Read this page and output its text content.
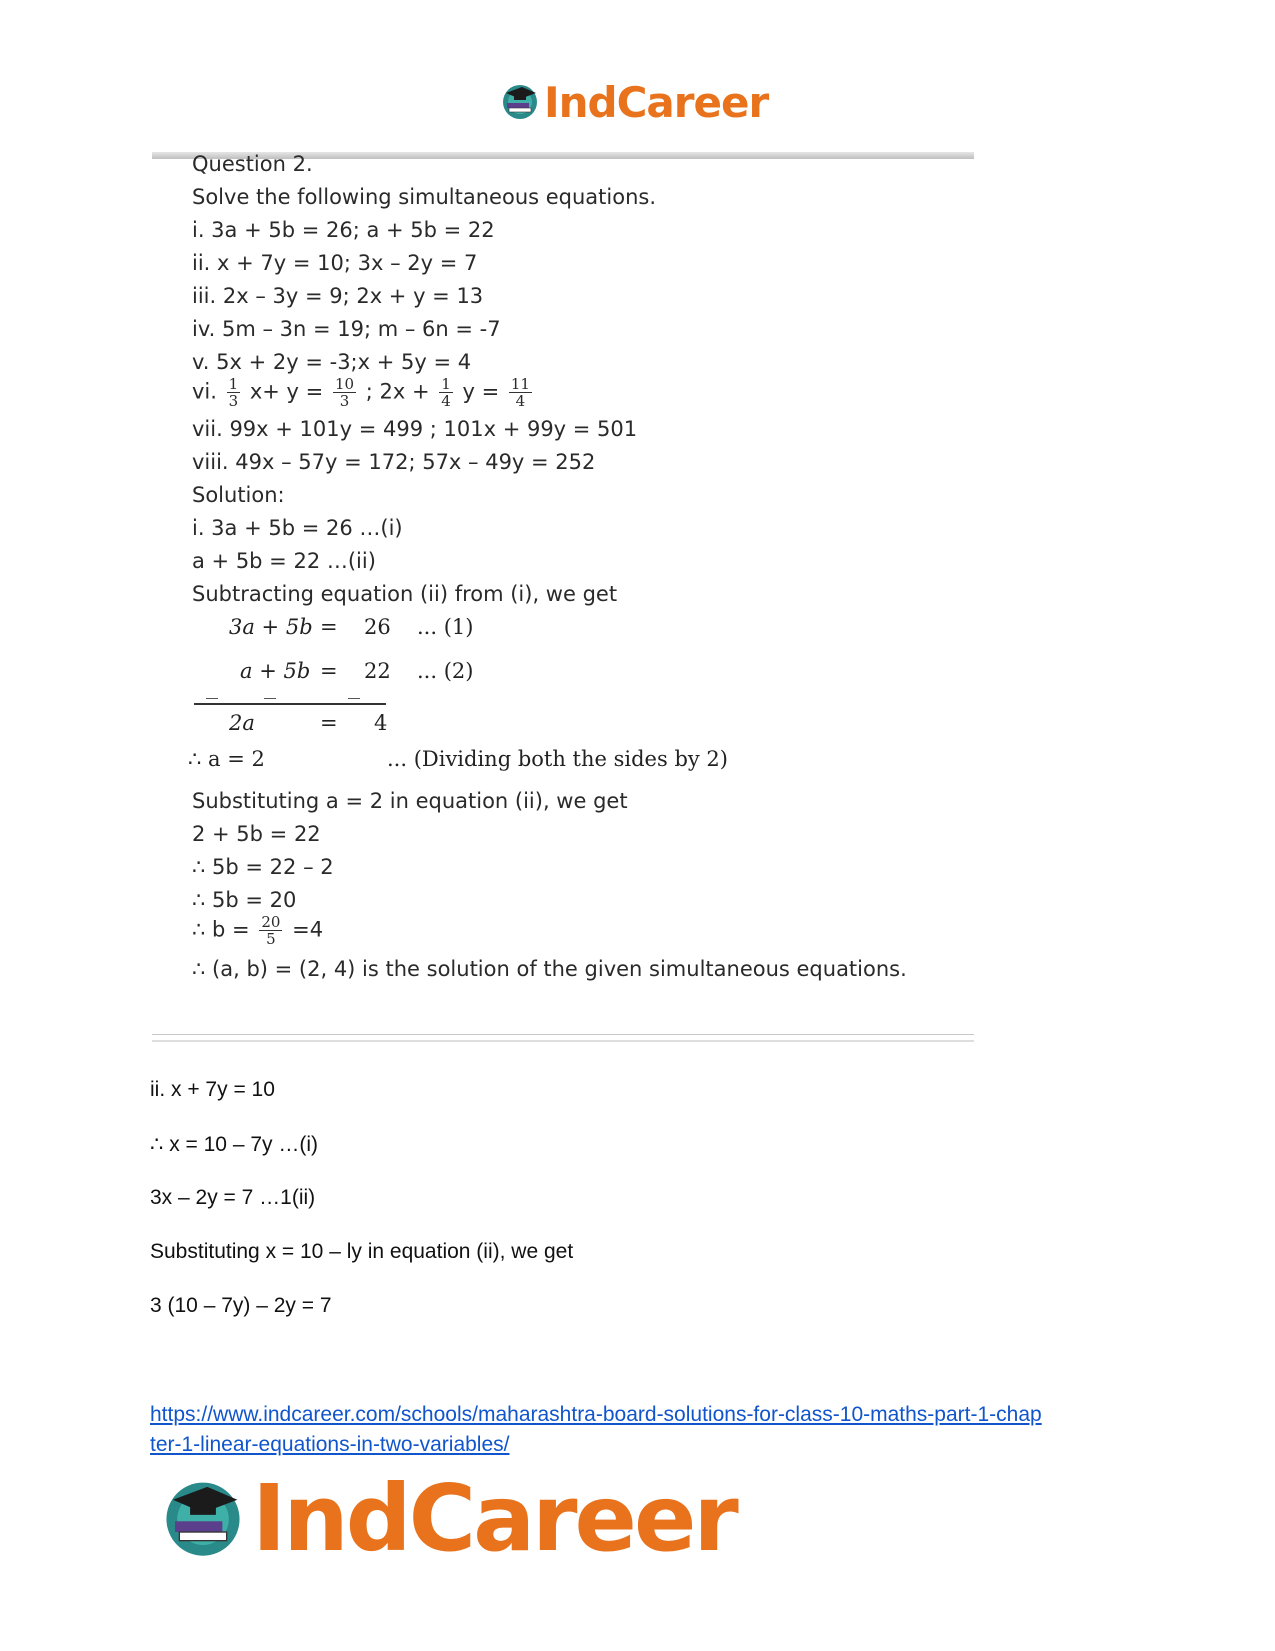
IndCareer
Question 2.
Solve the following simultaneous equations.
i. 3a + 5b = 26; a + 5b = 22
ii. x + 7y = 10; 3x – 2y = 7
iii. 2x – 3y = 9; 2x + y = 13
iv. 5m – 3n = 19; m – 6n = -7
v. 5x + 2y = -3;x + 5y = 4
vi. $\frac{1}{3} x+ y = \frac{10}{3}$ ; $2x + \frac{1}{4}$ $y = \frac{11}{4}$
vii. 99x + 101y = 499 ; 101x + 99y = 501
viii. 49x – 57y = 172; 57x – 49y = 252
Solution:
i. 3a + 5b = 26 …(i)
a + 5b = 22 …(ii)
Subtracting equation (ii) from (i), we get
3a + 5b = 26 ... (1)
a + 5b = 22 ... (2)
2a	= 4
∴ a = 2	... (Dividing both the sides by 2)
Substituting a = 2 in equation (ii), we get
2 + 5b = 22
∴ 5b = 22 – 2
∴ 5b = 20
∴ $b = \frac{20}{5} =4$
∴ (a, b) = (2, 4) is the solution of the given simultaneous equations.
ii. x + 7y = 10
∴ x = 10 – 7y …(i)
3x – 2y = 7 …1(ii)
Substituting x = 10 – ly in equation (ii), we get
3 (10 – 7y) – 2y = 7
https://www.indcareer.com/schools/maharashtra-board-solutions-for-class-10-maths-part-1-chap
ter-1-linear-equations-in-two-variables/
IndCareer
